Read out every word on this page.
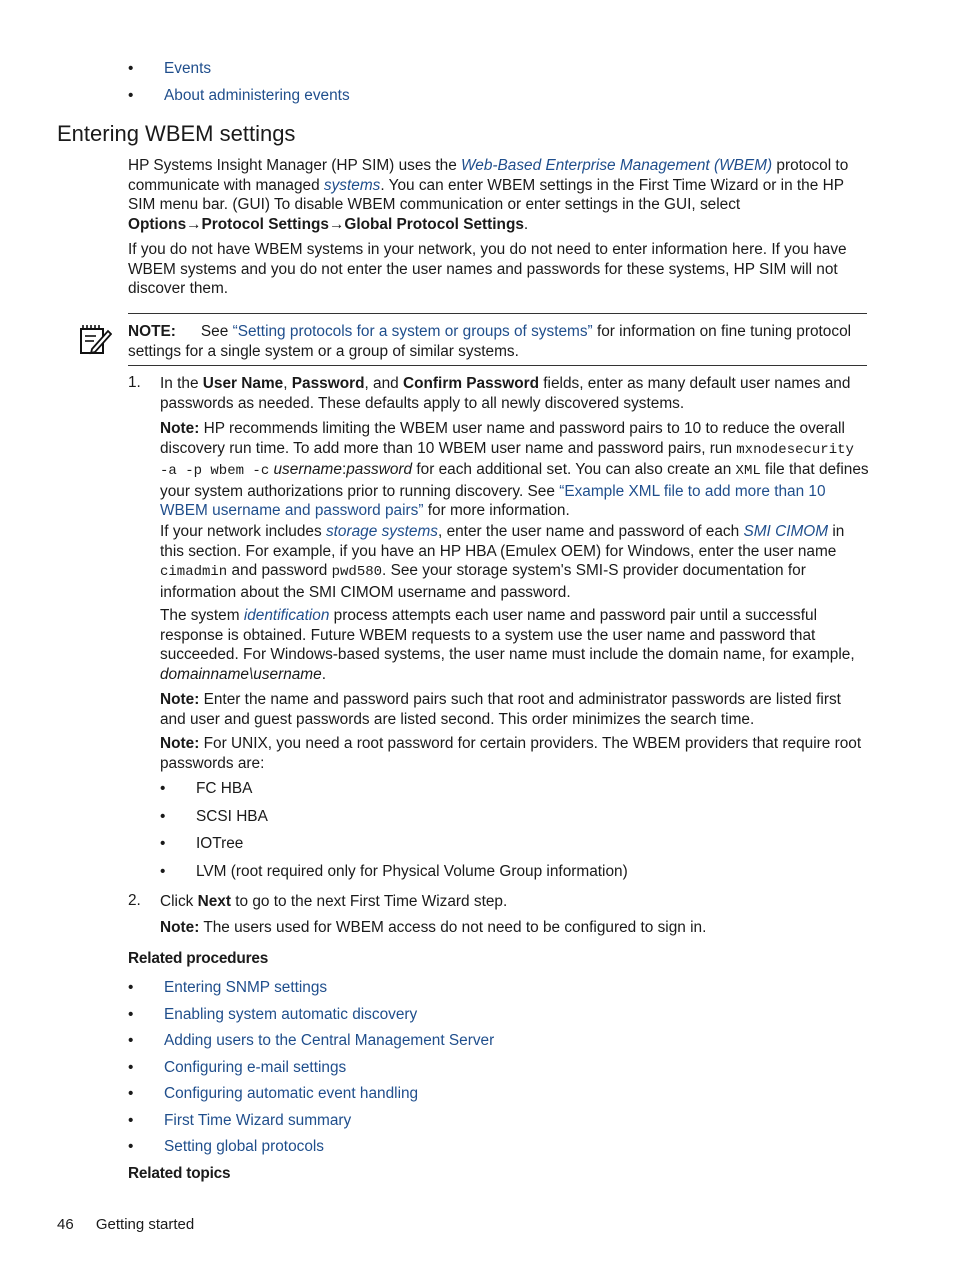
• Events
• About administering events
Entering WBEM settings

HP Systems Insight Manager (HP SIM) uses the Web-Based Enterprise Management (WBEM) protocol to communicate with managed systems. You can enter WBEM settings in the First Time Wizard or in the HP SIM menu bar. (GUI) To disable WBEM communication or enter settings in the GUI, select Options→Protocol Settings→Global Protocol Settings.

If you do not have WBEM systems in your network, you do not need to enter information here. If you have WBEM systems and you do not enter the user names and passwords for these systems, HP SIM will not discover them.

NOTE: See “Setting protocols for a system or groups of systems” for information on fine tuning protocol settings for a single system or a group of similar systems.

1. In the User Name, Password, and Confirm Password fields, enter as many default user names and passwords as needed. These defaults apply to all newly discovered systems.

Note: HP recommends limiting the WBEM user name and password pairs to 10 to reduce the overall discovery run time. To add more than 10 WBEM user name and password pairs, run mxnodesecurity -a -p wbem -c username:password for each additional set. You can also create an XML file that defines your system authorizations prior to running discovery. See “Example XML file to add more than 10 WBEM username and password pairs” for more information.

If your network includes storage systems, enter the user name and password of each SMI CIMOM in this section. For example, if you have an HP HBA (Emulex OEM) for Windows, enter the user name cimadmin and password pwd580. See your storage system's SMI-S provider documentation for information about the SMI CIMOM username and password.

The system identification process attempts each user name and password pair until a successful response is obtained. Future WBEM requests to a system use the user name and password that succeeded. For Windows-based systems, the user name must include the domain name, for example, domainname\username.

Note: Enter the name and password pairs such that root and administrator passwords are listed first and user and guest passwords are listed second. This order minimizes the search time.

Note: For UNIX, you need a root password for certain providers. The WBEM providers that require root passwords are:

• FC HBA
• SCSI HBA
• IOTree
• LVM (root required only for Physical Volume Group information)
2. Click Next to go to the next First Time Wizard step.

Note: The users used for WBEM access do not need to be configured to sign in.

Related procedures
• Entering SNMP settings
• Enabling system automatic discovery
• Adding users to the Central Management Server
• Configuring e-mail settings
• Configuring automatic event handling
• First Time Wizard summary
• Setting global protocols
Related topics
46 Getting started
